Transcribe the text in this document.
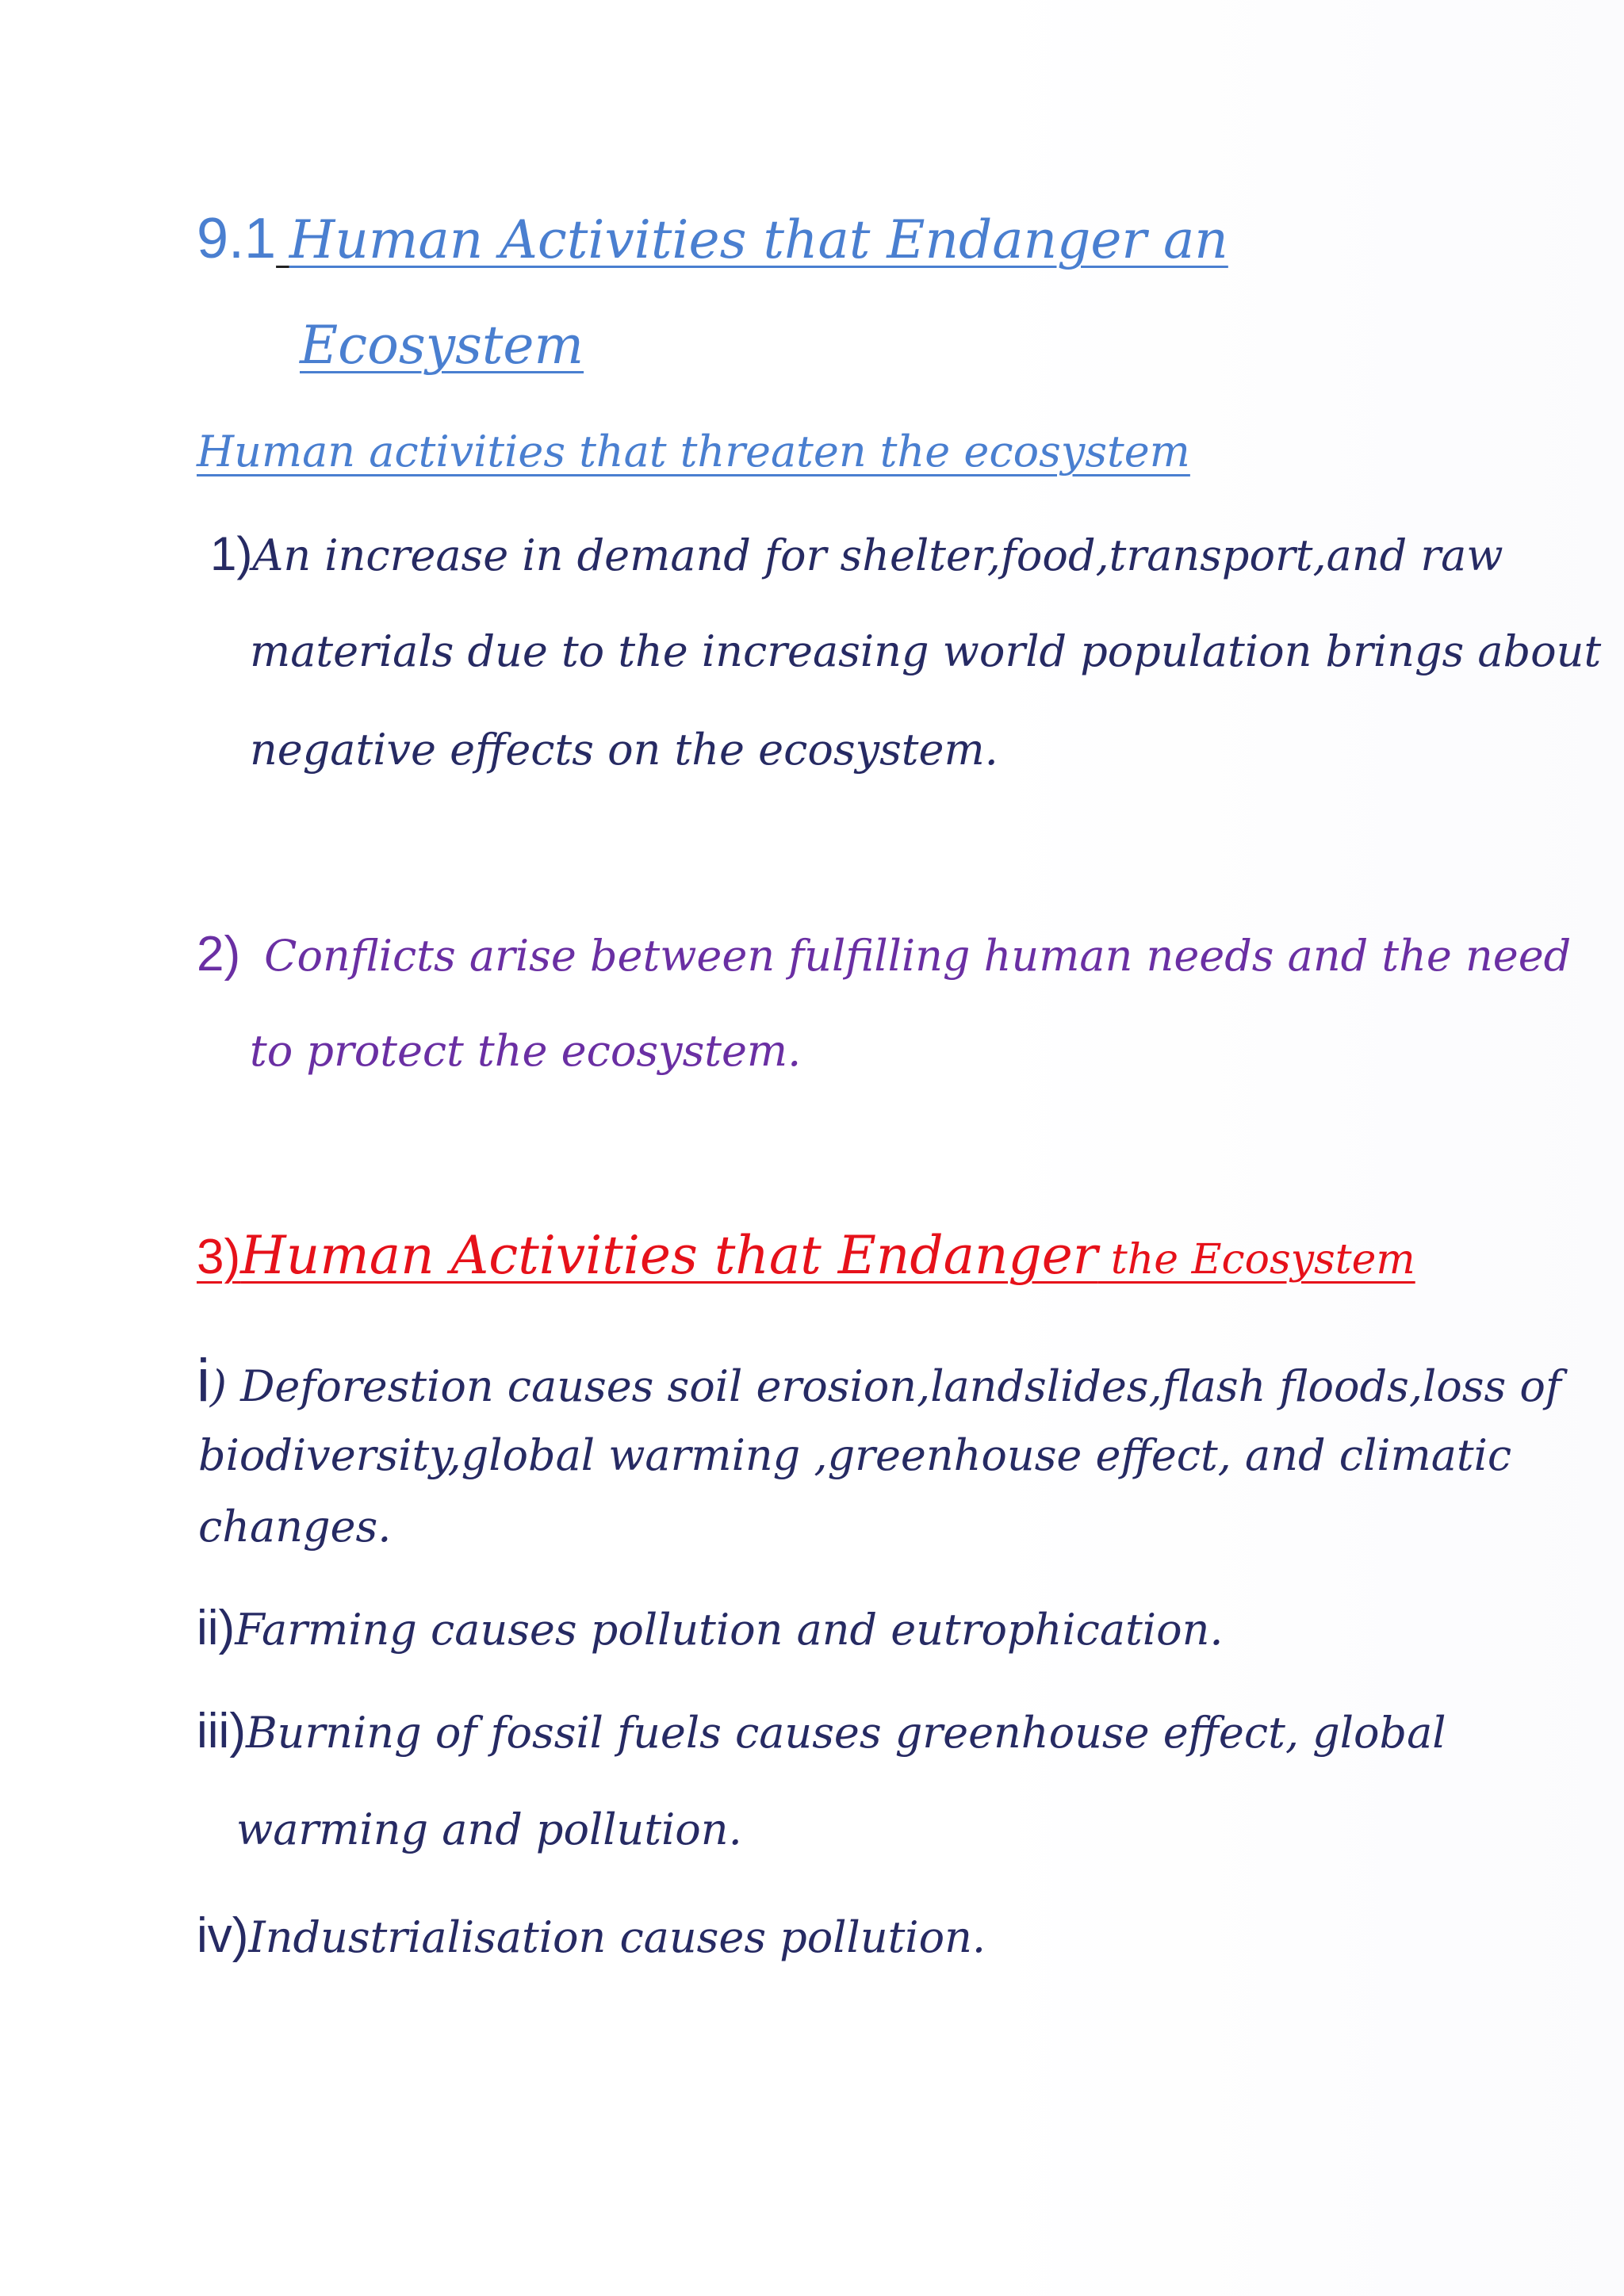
9.1 Human Activities that Endanger an
Ecosystem
Human activities that threaten the ecosystem
1)An increase in demand for shelter,food,transport,and raw
materials due to the increasing world population brings about
negative effects on the ecosystem.
2) Conflicts arise between fulfilling human needs and the need
to protect the ecosystem.
3)Human Activities that Endanger the Ecosystem
i) Deforestion causes soil erosion,landslides,flash floods,loss of
biodiversity,global warming ,greenhouse effect, and climatic
changes.
ii)Farming causes pollution and eutrophication.
iii)Burning of fossil fuels causes greenhouse effect, global
warming and pollution.
iv)Industrialisation causes pollution.
